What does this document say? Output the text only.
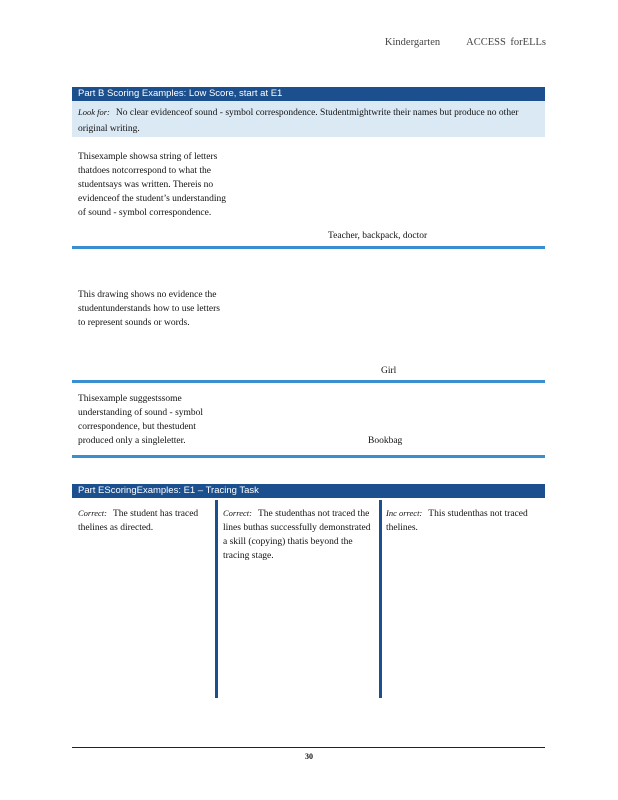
Kindergarten ACCESS forELLs
Part B Scoring Examples: Low Score, start at E1
Look for: No clear evidenceof sound - symbol correspondence. Studentmightwrite their names but produce no other original writing.
Thisexample showsa string of letters thatdoes notcorrespond to what the studentsays was written. Thereis no evidenceof the student’s understanding of sound - symbol correspondence.
Teacher, backpack, doctor
This drawing shows no evidence the studentunderstands how to use letters to represent sounds or words.
Girl
Thisexample suggestssome understanding of sound - symbol correspondence, but thestudent produced only a singleletter.	Bookbag
Part EScoringExamples: E1 – Tracing Task
Correct: The student has traced thelines as directed.
Correct: The studenthas not traced the lines buthas successfully demonstrated a skill (copying) thatis beyond the tracing stage.
Inc orrect: This studenthas not traced thelines.
30
